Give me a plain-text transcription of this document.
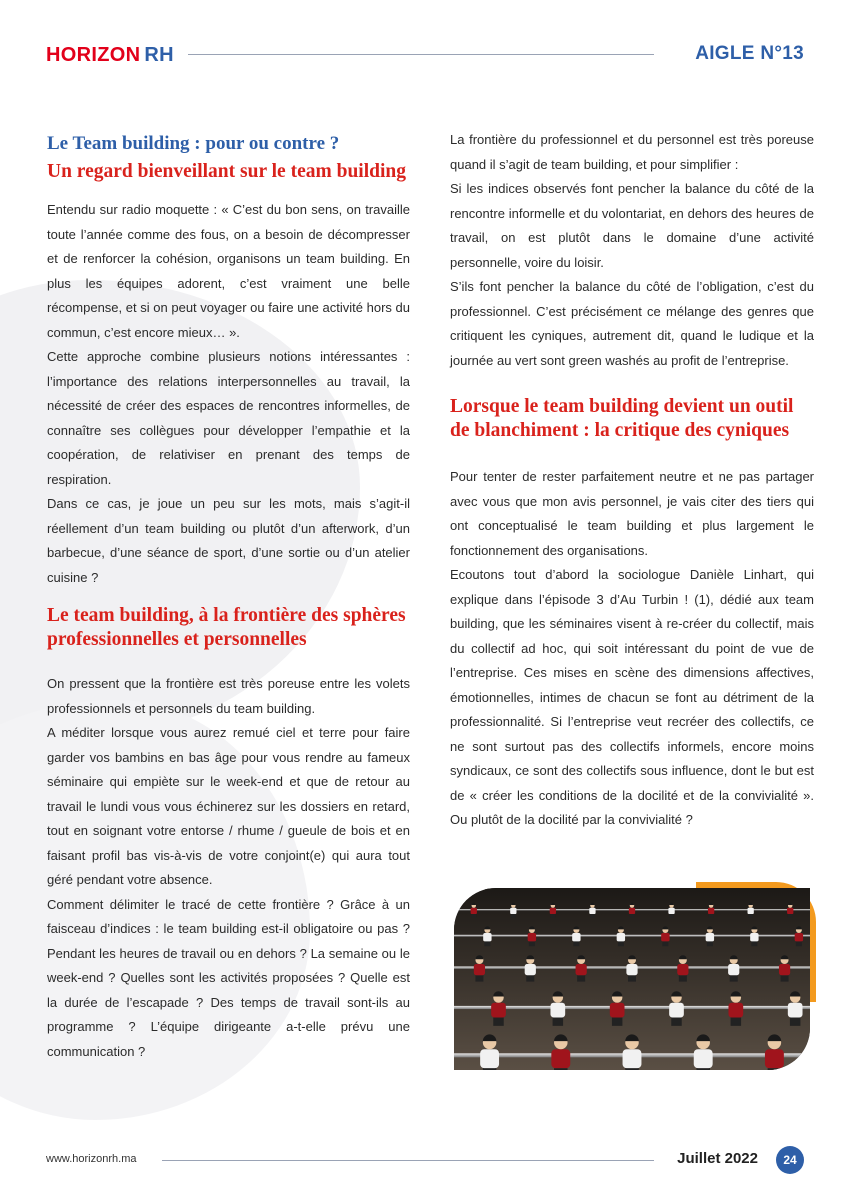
HORIZON RH	AIGLE N°13
Le Team building : pour ou contre ?
Un regard bienveillant sur le team building

Entendu sur radio moquette : « C’est du bon sens, on travaille toute l’année comme des fous, on a besoin de décompresser et de renforcer la cohésion, organisons un team building. En plus les équipes adorent, c’est vraiment une belle récompense, et si on peut voyager ou faire une activité hors du commun, c’est encore mieux… ».

Cette approche combine plusieurs notions intéressantes : l’importance des relations interpersonnelles au travail, la nécessité de créer des espaces de rencontres informelles, de connaître ses collègues pour développer l’empathie et la coopération, de relativiser en prenant des temps de respiration.

Dans ce cas, je joue un peu sur les mots, mais s’agit-il réellement d’un team building ou plutôt d’un afterwork, d’un barbecue, d’une séance de sport, d’une sortie ou d’un atelier cuisine ?

Le team building, à la frontière des sphères professionnelles et personnelles

On pressent que la frontière est très poreuse entre les volets professionnels et personnels du team building.

A méditer lorsque vous aurez remué ciel et terre pour faire garder vos bambins en bas âge pour vous rendre au fameux séminaire qui empiète sur le week-end et que de retour au travail le lundi vous vous échinerez sur les dossiers en retard, tout en soignant votre entorse / rhume / gueule de bois et en faisant profil bas vis-à-vis de votre conjoint(e) qui aura tout géré pendant votre absence.

Comment délimiter le tracé de cette frontière ? Grâce à un faisceau d’indices : le team building est-il obligatoire ou pas ? Pendant les heures de travail ou en dehors ? La semaine ou le week-end ? Quelles sont les activités proposées ? Quelle est la durée de l’escapade ? Des temps de travail sont-ils au programme ? L’équipe dirigeante a-t-elle prévu une communication ?

La frontière du professionnel et du personnel est très poreuse quand il s’agit de team building, et pour simplifier :

Si les indices observés font pencher la balance du côté de la rencontre informelle et du volontariat, en dehors des heures de travail, on est plutôt dans le domaine d’une activité personnelle, voire du loisir.

S’ils font pencher la balance du côté de l’obligation, c’est du professionnel. C’est précisément ce mélange des genres que critiquent les cyniques, autrement dit, quand le ludique et la journée au vert sont green washés au profit de l’entreprise.

Lorsque le team building devient un outil de blanchiment : la critique des cyniques

Pour tenter de rester parfaitement neutre et ne pas partager avec vous que mon avis personnel, je vais citer des tiers qui ont conceptualisé le team building et plus largement le fonctionnement des organisations.

Ecoutons tout d’abord la sociologue Danièle Linhart, qui explique dans l’épisode 3 d’Au Turbin ! (1), dédié aux team building, que les séminaires visent à re-créer du collectif, mais du collectif ad hoc, qui soit intéressant du point de vue de l’entreprise. Ces mises en scène des dimensions affectives, émotionnelles, intimes de chacun se font au détriment de la professionnalité. Si l’entreprise veut recréer des collectifs, ce ne sont surtout pas des collectifs informels, encore moins syndicaux, ce sont des collectifs sous influence, dont le but est de « créer les conditions de la docilité et de la convivialité ». Ou plutôt de la docilité par la convivialité ?

www.horizonrh.ma	Juillet 2022	24
